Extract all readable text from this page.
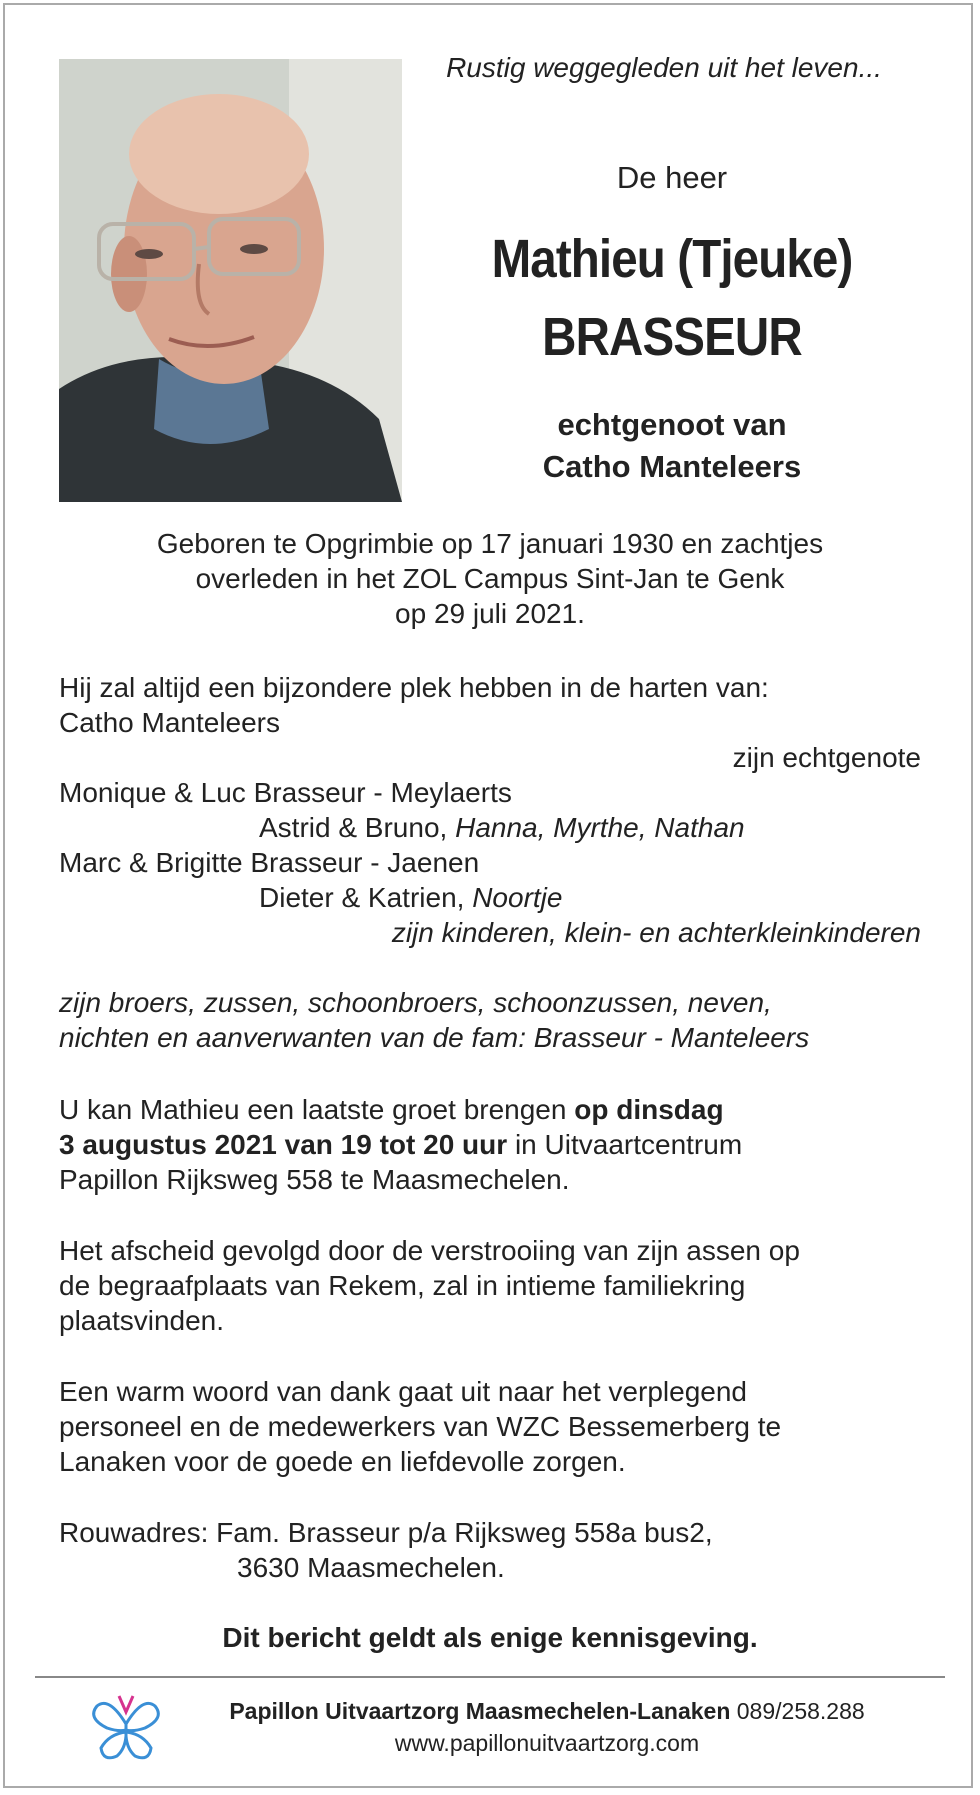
Rustig weggegleden uit het leven...
De heer
Mathieu (Tjeuke)
BRASSEUR
echtgenoot van
Catho Manteleers
Geboren te Opgrimbie op 17 januari 1930 en zachtjes
overleden in het ZOL Campus Sint-Jan te Genk
op 29 juli 2021.
Hij zal altijd een bijzondere plek hebben in de harten van:
Catho Manteleers
zijn echtgenote
Monique & Luc Brasseur - Meylaerts
Astrid & Bruno, Hanna, Myrthe, Nathan
Marc & Brigitte Brasseur - Jaenen
Dieter & Katrien, Noortje
zijn kinderen, klein- en achterkleinkinderen
zijn broers, zussen, schoonbroers, schoonzussen, neven,
nichten en aanverwanten van de fam: Brasseur - Manteleers
U kan Mathieu een laatste groet brengen op dinsdag
3 augustus 2021 van 19 tot 20 uur in Uitvaartcentrum
Papillon Rijksweg 558 te Maasmechelen.
Het afscheid gevolgd door de verstrooiing van zijn assen op
de begraafplaats van Rekem, zal in intieme familiekring
plaatsvinden.
Een warm woord van dank gaat uit naar het verplegend
personeel en de medewerkers van WZC Bessemerberg te
Lanaken voor de goede en liefdevolle zorgen.
Rouwadres: Fam. Brasseur p/a Rijksweg 558a bus2,
3630 Maasmechelen.
Dit bericht geldt als enige kennisgeving.
Papillon Uitvaartzorg Maasmechelen-Lanaken 089/258.288
www.papillonuitvaartzorg.com
